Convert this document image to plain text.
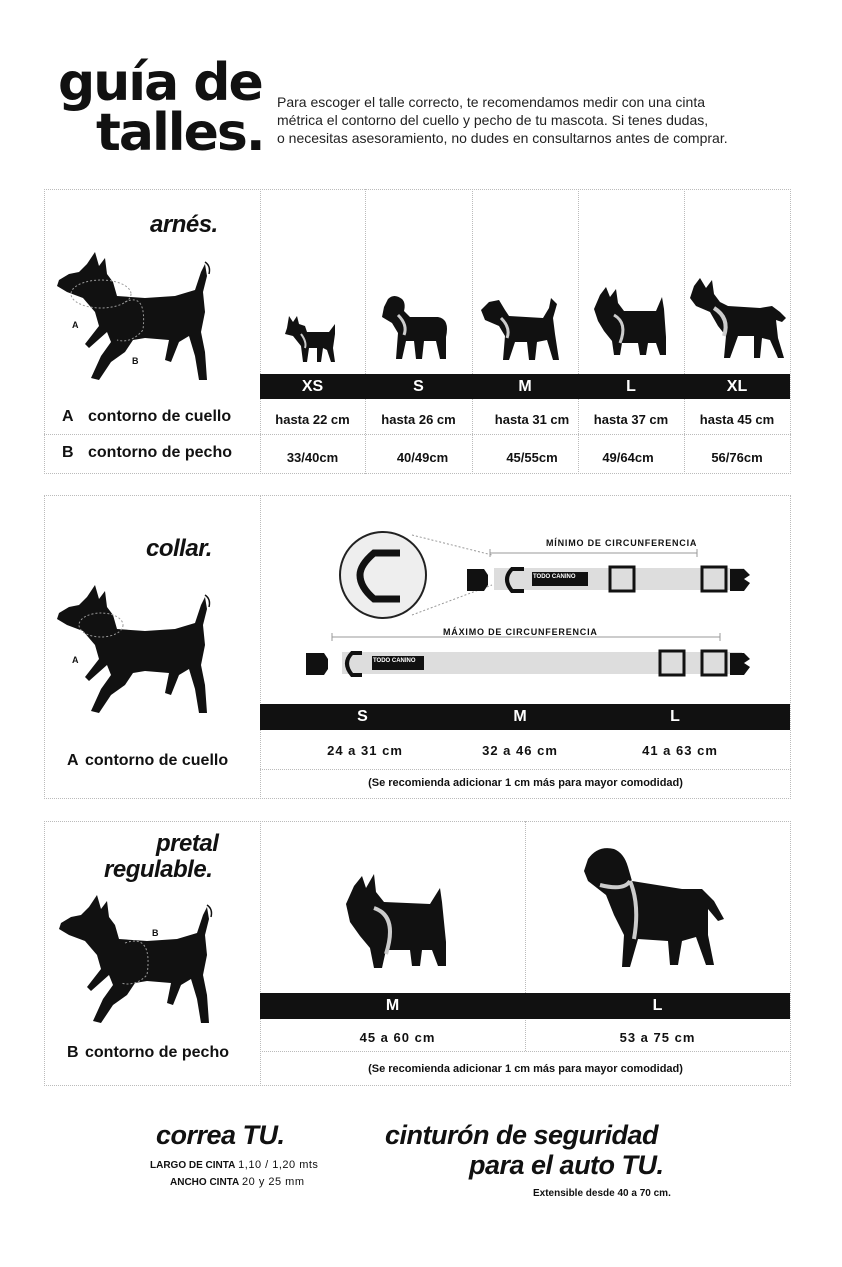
guía de
talles.
Para escoger el talle correcto, te recomendamos medir con una cinta
métrica el contorno del cuello y pecho de tu mascota. Si tenes dudas,
o necesitas asesoramiento, no dudes en consultarnos antes de comprar.
arnés.
A
B
XS	S	M	L	XL
A contorno de cuello	hasta 22 cm	hasta 26 cm	hasta 31 cm	hasta 37 cm	hasta 45 cm
B contorno de pecho	33/40cm	40/49cm	45/55cm	49/64cm	56/76cm
collar.
A
MÍNIMO DE CIRCUNFERENCIA
MÁXIMO DE CIRCUNFERENCIA
TODO CANINO
TODO CANINO
S	M	L
24 a 31 cm	32 a 46 cm	41 a 63 cm
A contorno de cuello
(Se recomienda adicionar 1 cm más para mayor comodidad)
pretal
regulable.
B
M	L
45 a 60 cm	53 a 75 cm
B contorno de pecho
(Se recomienda adicionar 1 cm más para mayor comodidad)
correa TU.
LARGO DE CINTA 1,10 / 1,20 mts
ANCHO CINTA 20 y 25 mm
cinturón de seguridad
para el auto TU.
Extensible desde 40 a 70 cm.
